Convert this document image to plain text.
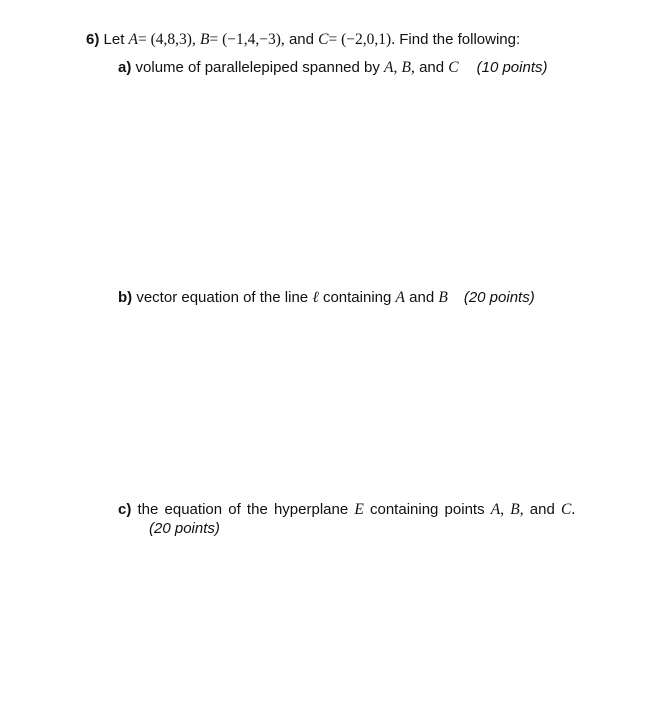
6) Let A= (4,8,3), B= (−1,4,−3), and C= (−2,0,1). Find the following:
a) volume of parallelepiped spanned by A, B, and C (10 points)
b) vector equation of the line ℓ containing A and B (20 points)
c) the equation of the hyperplane E containing points A, B, and C.
(20 points)
